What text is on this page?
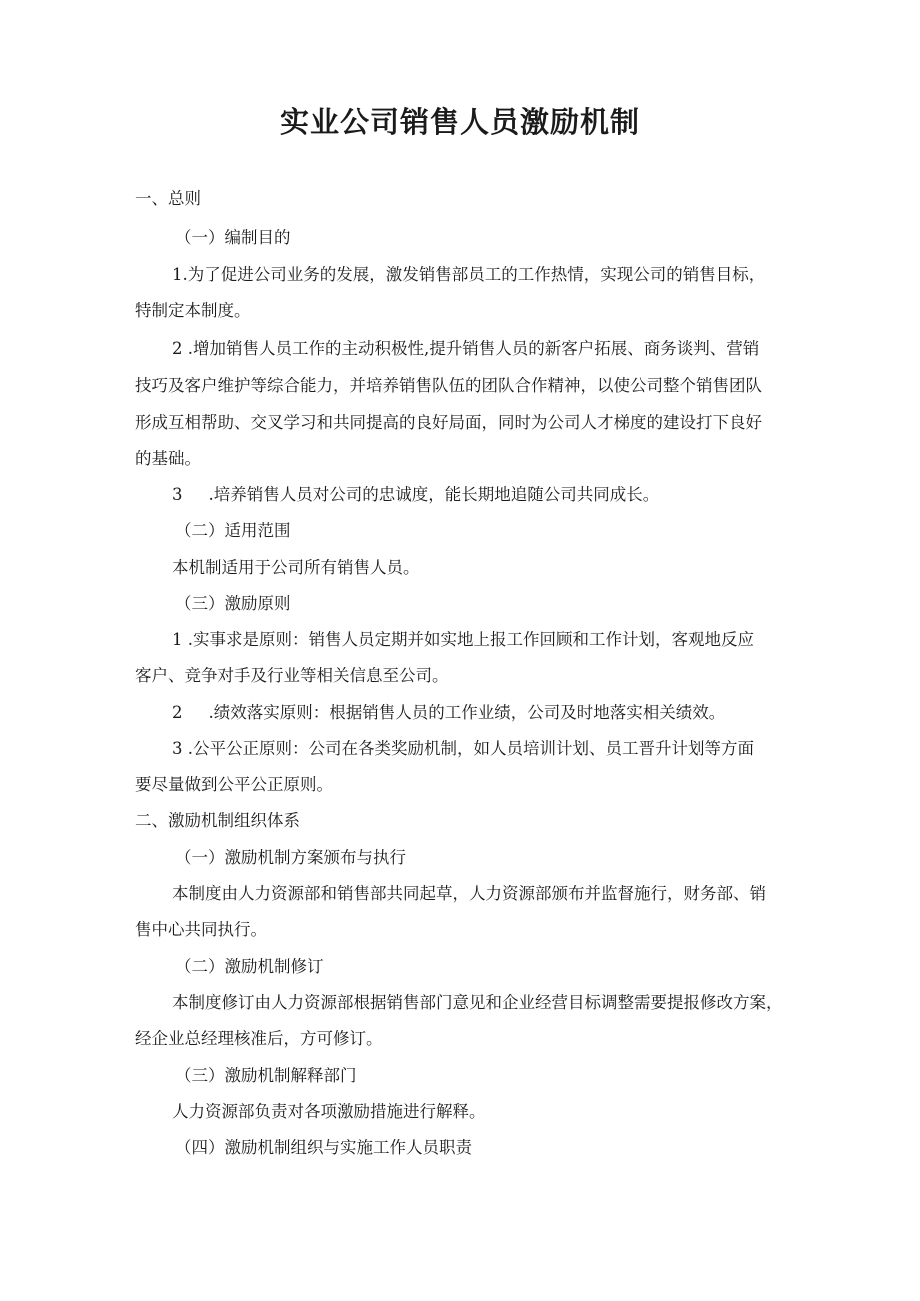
实业公司销售人员激励机制

一、总则

（一）编制目的

1.为了促进公司业务的发展，激发销售部员工的工作热情，实现公司的销售目标，

特制定本制度。

2 .增加销售人员工作的主动积极性,提升销售人员的新客户拓展、商务谈判、营销

技巧及客户维护等综合能力，并培养销售队伍的团队合作精神，以使公司整个销售团队

形成互相帮助、交叉学习和共同提高的良好局面，同时为公司人才梯度的建设打下良好

的基础。

3 .培养销售人员对公司的忠诚度，能长期地追随公司共同成长。

（二）适用范围

本机制适用于公司所有销售人员。

（三）激励原则

1 .实事求是原则：销售人员定期并如实地上报工作回顾和工作计划，客观地反应

客户、竞争对手及行业等相关信息至公司。

2 .绩效落实原则：根据销售人员的工作业绩，公司及时地落实相关绩效。

3 .公平公正原则：公司在各类奖励机制，如人员培训计划、员工晋升计划等方面

要尽量做到公平公正原则。

二、激励机制组织体系

（一）激励机制方案颁布与执行

本制度由人力资源部和销售部共同起草，人力资源部颁布并监督施行，财务部、销

售中心共同执行。

（二）激励机制修订

本制度修订由人力资源部根据销售部门意见和企业经营目标调整需要提报修改方案，

经企业总经理核准后，方可修订。

（三）激励机制解释部门

人力资源部负责对各项激励措施进行解释。

（四）激励机制组织与实施工作人员职责
